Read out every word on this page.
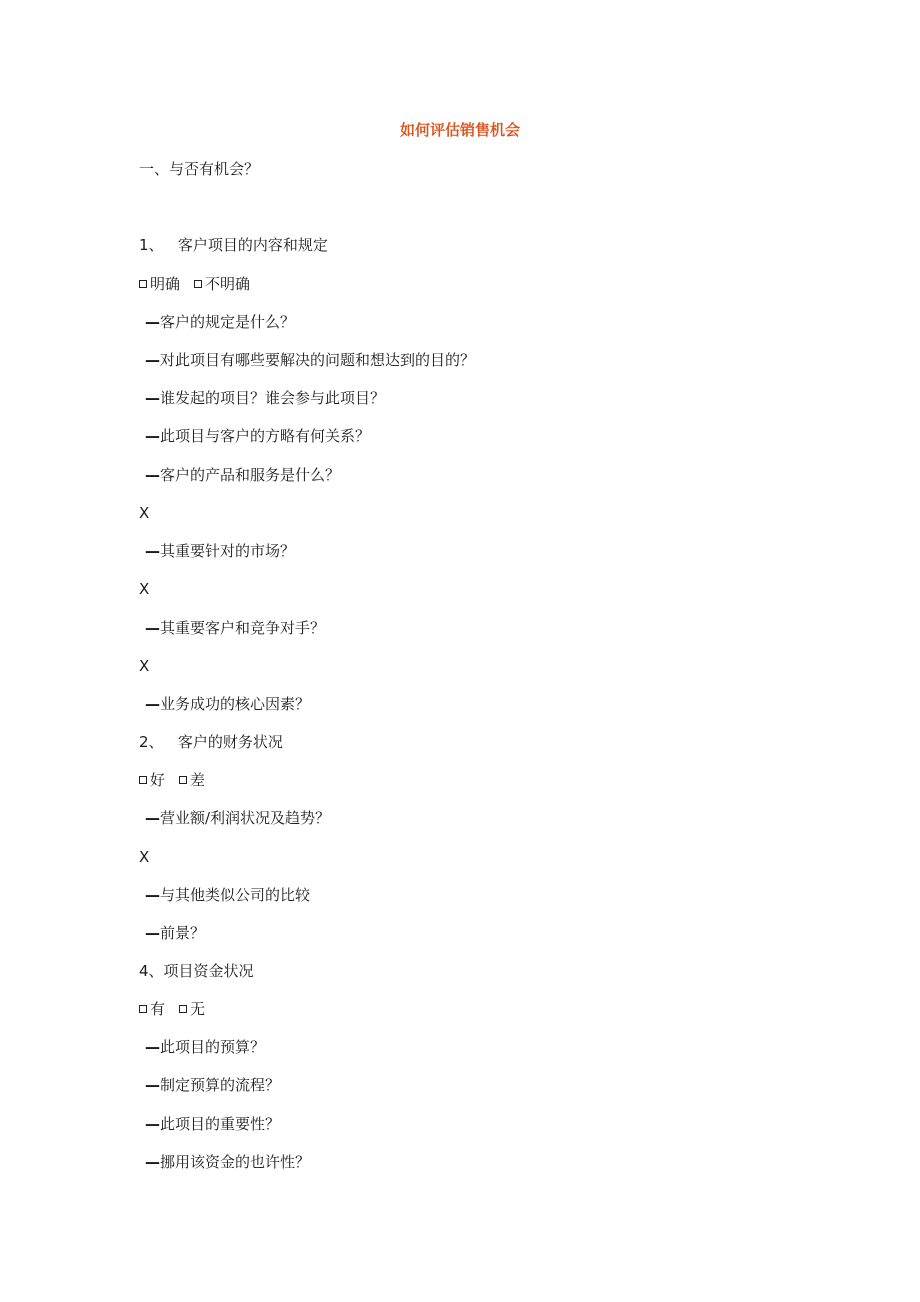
如何评估销售机会
一、与否有机会？
1、 客户项目的内容和规定
明确 不明确
—客户的规定是什么？
—对此项目有哪些要解决的问题和想达到的目的？
—谁发起的项目？谁会参与此项目？
—此项目与客户的方略有何关系？
—客户的产品和服务是什么？
X
—其重要针对的市场？
X
—其重要客户和竞争对手？
X
—业务成功的核心因素？
2、 客户的财务状况
好 差
—营业额/利润状况及趋势？
X
—与其他类似公司的比较
—前景？
4、项目资金状况
有 无
—此项目的预算？
—制定预算的流程？
—此项目的重要性？
—挪用该资金的也许性？
